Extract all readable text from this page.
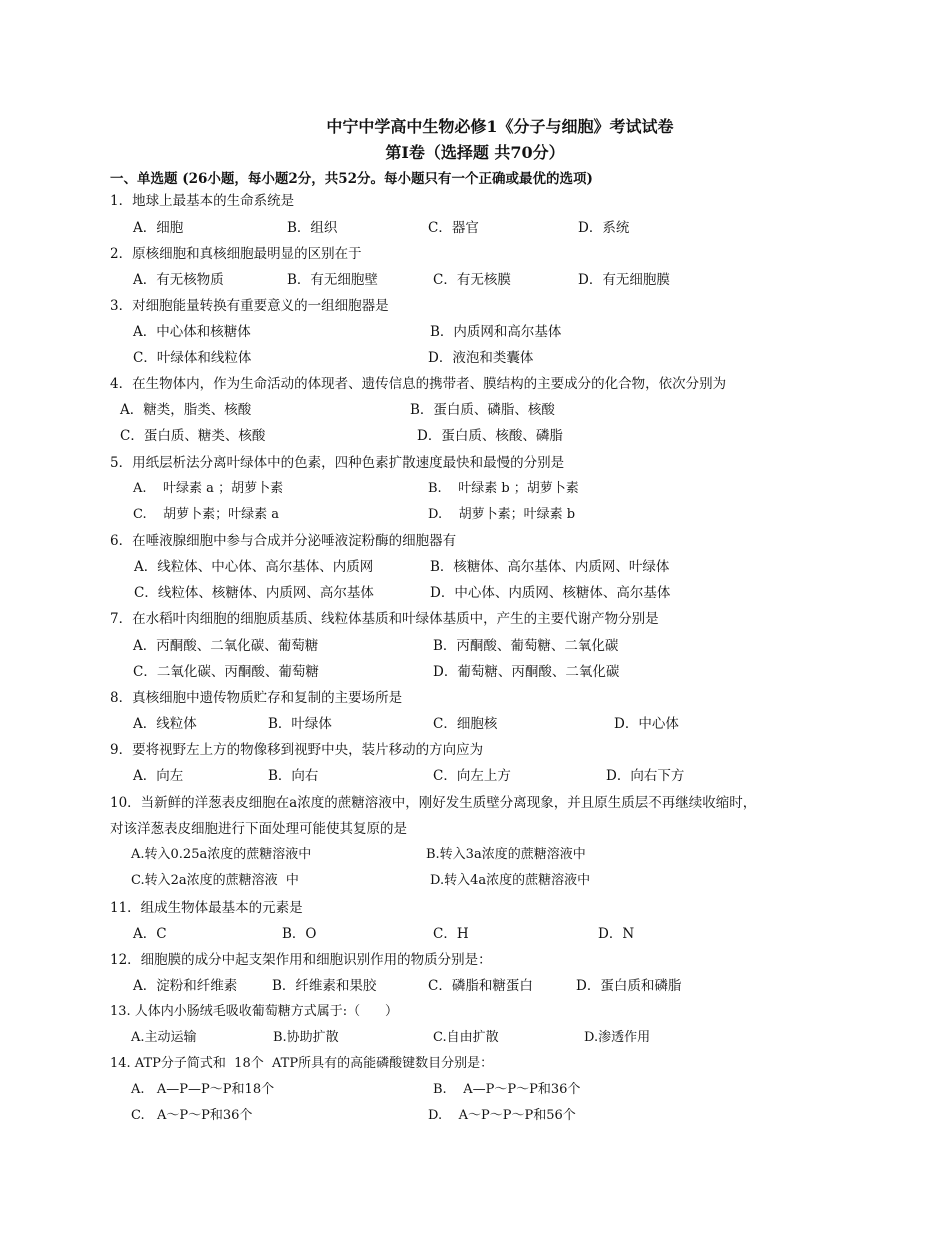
中宁中学高中生物必修1《分子与细胞》考试试卷
第Ⅰ卷（选择题 共70分）
一、单选题 (26小题，每小题2分，共52分。每小题只有一个正确或最优的选项)
1．地球上最基本的生命系统是
A．细胞	B．组织	C．器官	D．系统
2．原核细胞和真核细胞最明显的区别在于
A．有无核物质	B．有无细胞壁	C．有无核膜	D．有无细胞膜
3．对细胞能量转换有重要意义的一组细胞器是
A．中心体和核糖体	B．内质网和高尔基体
C．叶绿体和线粒体	D．液泡和类囊体
4．在生物体内，作为生命活动的体现者、遗传信息的携带者、膜结构的主要成分的化合物，依次分别为
A．糖类，脂类、核酸	B．蛋白质、磷脂、核酸
C．蛋白质、糖类、核酸	D．蛋白质、核酸、磷脂
5．用纸层析法分离叶绿体中的色素，四种色素扩散速度最快和最慢的分别是
A.    叶绿素 a ；胡萝卜素	B.    叶绿素 b ；胡萝卜素
C.    胡萝卜素；叶绿素 a	D.    胡萝卜素；叶绿素 b
6．在唾液腺细胞中参与合成并分泌唾液淀粉酶的细胞器有
A．线粒体、中心体、高尔基体、内质网	B．核糖体、高尔基体、内质网、叶绿体
C．线粒体、核糖体、内质网、高尔基体	D．中心体、内质网、核糖体、高尔基体
7．在水稻叶肉细胞的细胞质基质、线粒体基质和叶绿体基质中，产生的主要代谢产物分别是
A．丙酮酸、二氧化碳、葡萄糖	B．丙酮酸、葡萄糖、二氧化碳
C．二氧化碳、丙酮酸、葡萄糖	D．葡萄糖、丙酮酸、二氧化碳
8．真核细胞中遗传物质贮存和复制的主要场所是
A．线粒体	B．叶绿体	C．细胞核	D．中心体
9．要将视野左上方的物像移到视野中央，装片移动的方向应为
A．向左	B．向右	C．向左上方	D．向右下方
10．当新鲜的洋葱表皮细胞在a浓度的蔗糖溶液中，刚好发生质壁分离现象，并且原生质层不再继续收缩时，
对该洋葱表皮细胞进行下面处理可能使其复原的是
A.转入0.25a浓度的蔗糖溶液中	B.转入3a浓度的蔗糖溶液中
C.转入2a浓度的蔗糖溶液  中	D.转入4a浓度的蔗糖溶液中
11．组成生物体最基本的元素是
A．C	B．O	C．H	D．N
12．细胞膜的成分中起支架作用和细胞识别作用的物质分别是：
A．淀粉和纤维素	B．纤维素和果胶	C．磷脂和糖蛋白	D．蛋白质和磷脂
13. 人体内小肠绒毛吸收葡萄糖方式属于:（      ）
A.主动运输	B.协助扩散	C.自由扩散	D.渗透作用
14. ATP分子简式和  18个  ATP所具有的高能磷酸键数目分别是：
A.   A—P—P～P和18个	B.    A—P～P～P和36个
C.   A～P～P和36个	D.    A～P～P～P和56个
